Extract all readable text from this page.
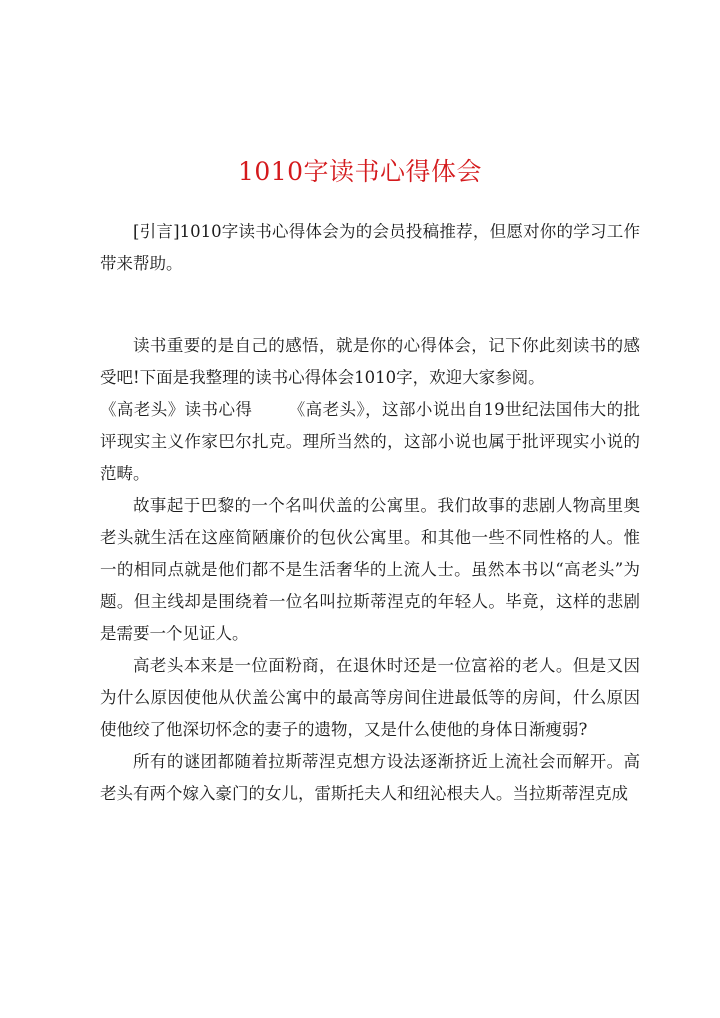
1010字读书心得体会

[引言]1010字读书心得体会为的会员投稿推荐，但愿对你的学习工作带来帮助。

读书重要的是自己的感悟，就是你的心得体会，记下你此刻读书的感受吧!下面是我整理的读书心得体会1010字，欢迎大家参阅。

《高老头》读书心得 《高老头》，这部小说出自19世纪法国伟大的批评现实主义作家巴尔扎克。理所当然的，这部小说也属于批评现实小说的范畴。

故事起于巴黎的一个名叫伏盖的公寓里。我们故事的悲剧人物高里奥老头就生活在这座简陋廉价的包伙公寓里。和其他一些不同性格的人。惟一的相同点就是他们都不是生活奢华的上流人士。虽然本书以“高老头”为题。但主线却是围绕着一位名叫拉斯蒂涅克的年轻人。毕竟，这样的悲剧是需要一个见证人。

高老头本来是一位面粉商，在退休时还是一位富裕的老人。但是又因为什么原因使他从伏盖公寓中的最高等房间住进最低等的房间，什么原因使他绞了他深切怀念的妻子的遗物，又是什么使他的身体日渐瘦弱?

所有的谜团都随着拉斯蒂涅克想方设法逐渐挤近上流社会而解开。高老头有两个嫁入豪门的女儿，雷斯托夫人和纽沁根夫人。当拉斯蒂涅克成
